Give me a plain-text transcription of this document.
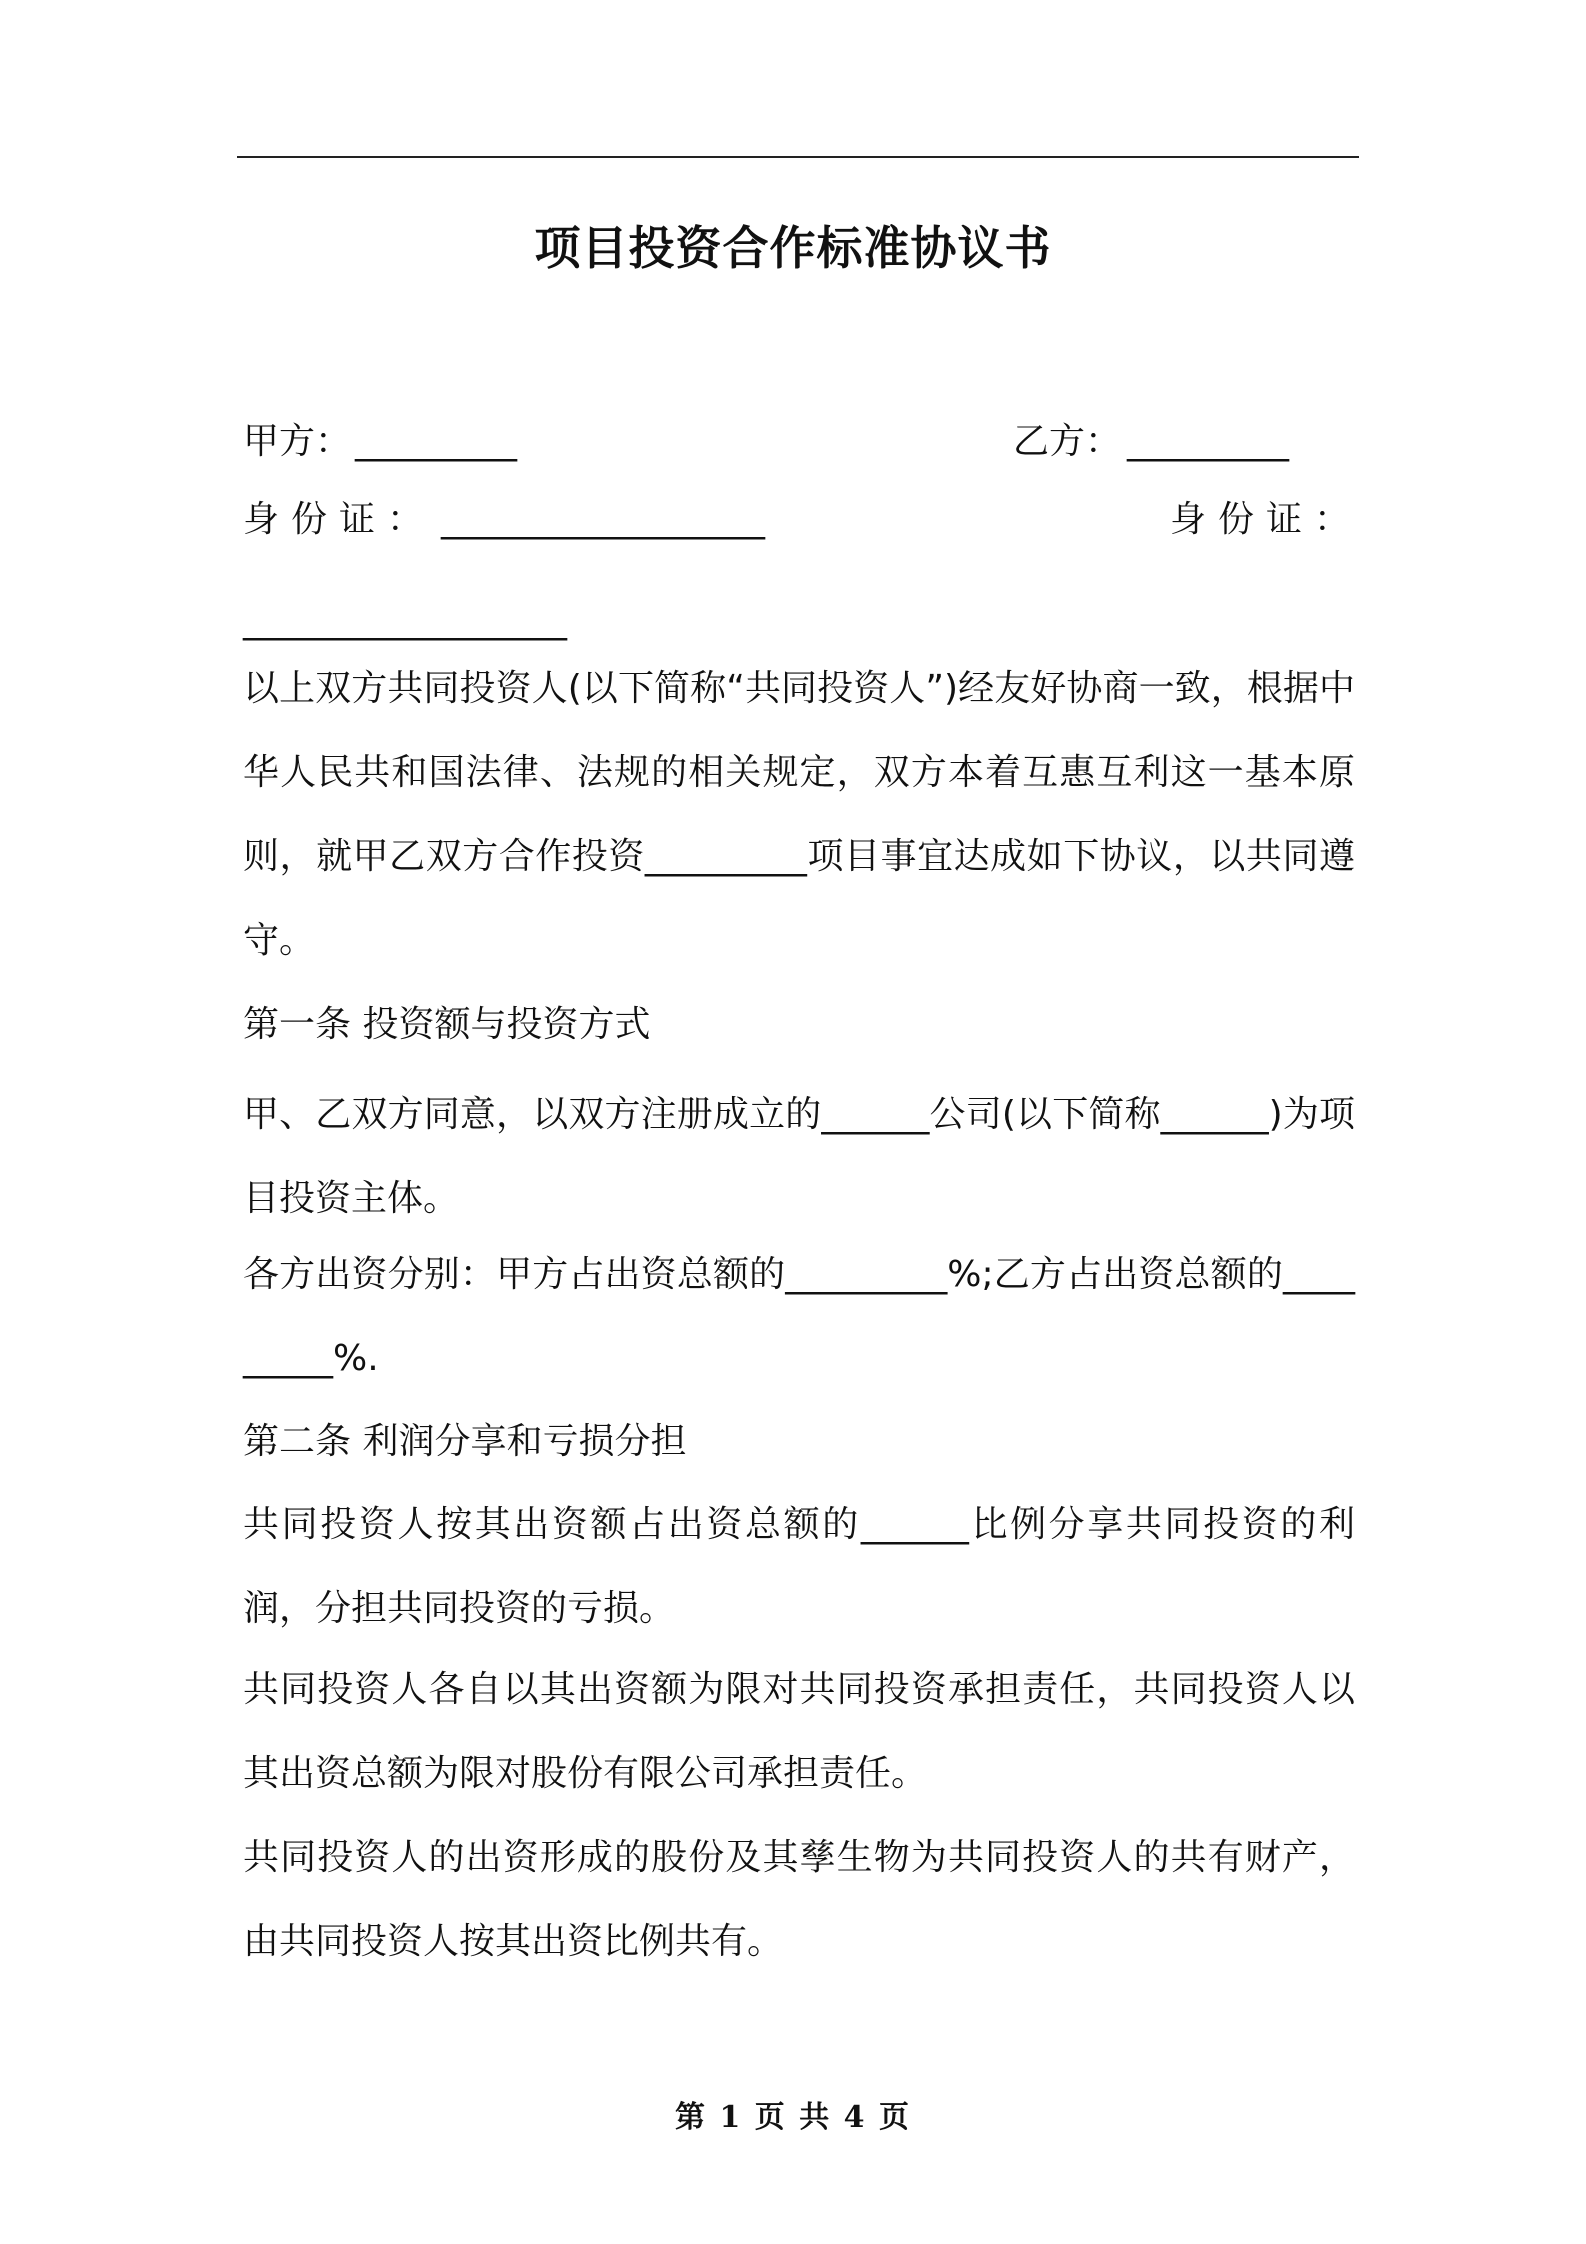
项目投资合作标准协议书
甲方： _________	乙方： _________
身份证： __________________	身份证：
__________________

以上双方共同投资人(以下简称“共同投资人”)经友好协商一致，根据中华人民共和国法律、法规的相关规定，双方本着互惠互利这一基本原则，就甲乙双方合作投资_________项目事宜达成如下协议，以共同遵守。

第一条 投资额与投资方式

甲、乙双方同意，以双方注册成立的______公司(以下简称______)为项目投资主体。

各方出资分别：甲方占出资总额的_________%;乙方占出资总额的_________%.

第二条 利润分享和亏损分担

共同投资人按其出资额占出资总额的______比例分享共同投资的利润，分担共同投资的亏损。

共同投资人各自以其出资额为限对共同投资承担责任，共同投资人以其出资总额为限对股份有限公司承担责任。

共同投资人的出资形成的股份及其孳生物为共同投资人的共有财产，由共同投资人按其出资比例共有。

第 1 页 共 4 页
